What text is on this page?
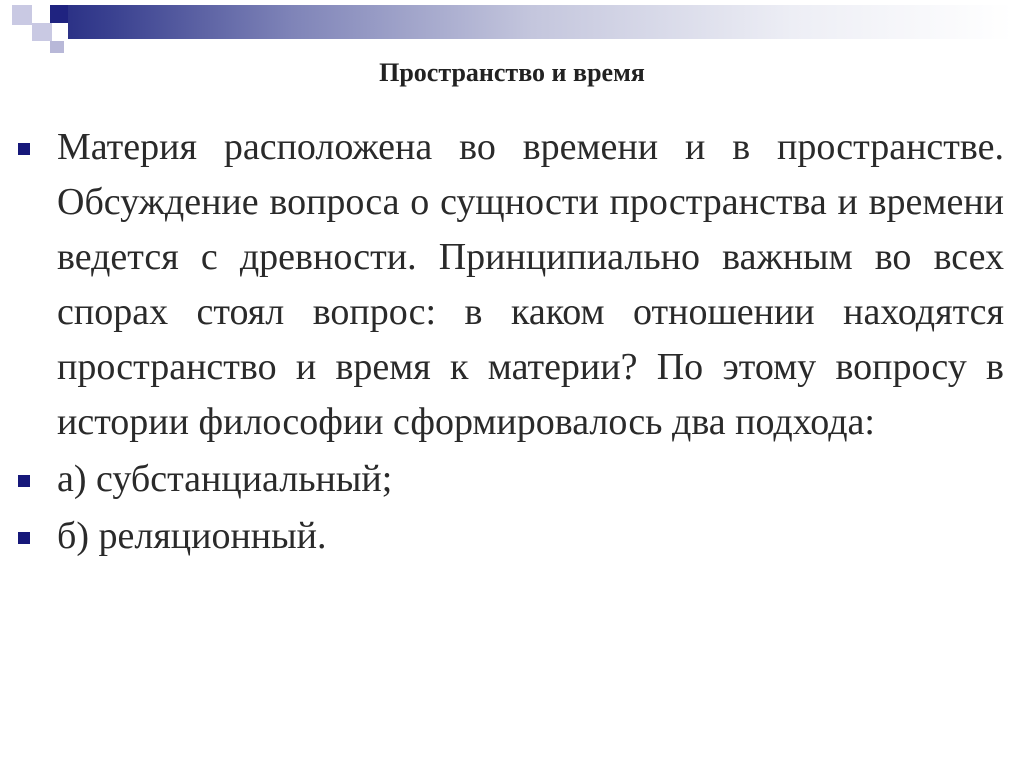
Пространство и время
Материя расположена во времени и в пространстве. Обсуждение вопроса о сущности пространства и времени ведется с древности. Принципиально важным во всех спорах стоял вопрос: в каком отношении находятся пространство и время к материи? По этому вопросу в истории философии сформировалось два подхода:
а) субстанциальный;
б) реляционный.
